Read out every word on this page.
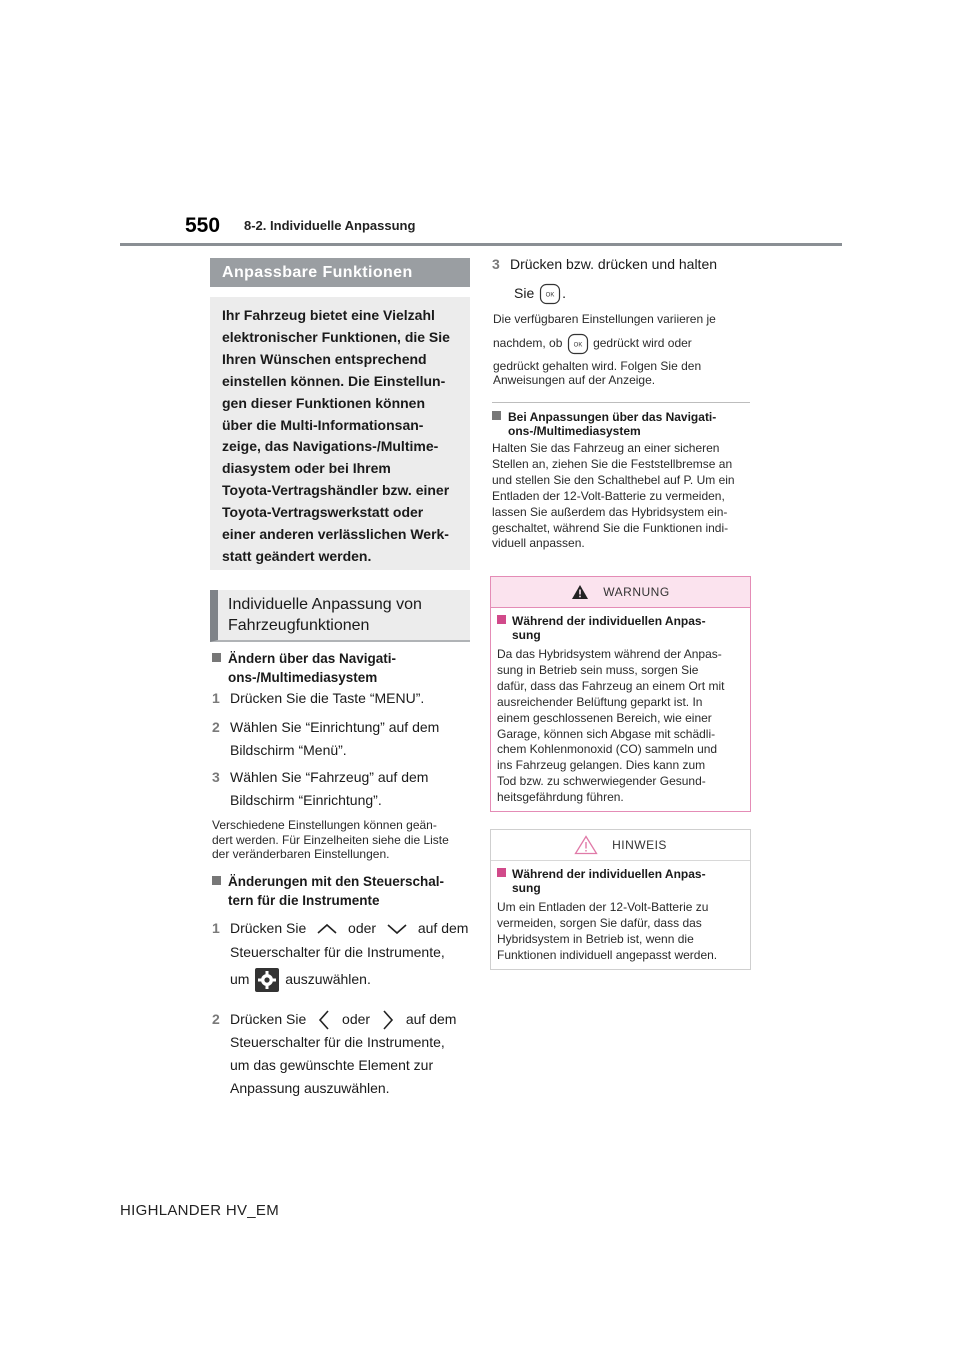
550 8-2. Individuelle Anpassung
Anpassbare Funktionen

Ihr Fahrzeug bietet eine Vielzahl

elektronischer Funktionen, die Sie

Ihren Wünschen entsprechend

einstellen können. Die Einstellun-

gen dieser Funktionen können

über die Multi-Informationsan-

zeige, das Navigations-/Multime-

diasystem oder bei Ihrem

Toyota-Vertragshändler bzw. einer

Toyota-Vertragswerkstatt oder

einer anderen verlässlichen Werk-

statt geändert werden.

Individuelle Anpassung von
Fahrzeugfunktionen
Ändern über das Navigati-
ons-/Multimediasystem
1 Drücken Sie die Taste “MENU”.
2 Wählen Sie “Einrichtung” auf dem
Bildschirm “Menü”.
3 Wählen Sie “Fahrzeug” auf dem
Bildschirm “Einrichtung”.
Verschiedene Einstellungen können geän-
dert werden. Für Einzelheiten siehe die Liste
der veränderbaren Einstellungen.
Änderungen mit den Steuerschal-
tern für die Instrumente
1 Drücken Sie	oder	auf dem
Steuerschalter für die Instrumente,
um	auszuwählen.
2 Drücken Sie	oder	auf dem
Steuerschalter für die Instrumente,
um das gewünschte Element zur
Anpassung auszuwählen.
3 Drücken bzw. drücken und halten
Sie OK .
Die verfügbaren Einstellungen variieren je
nachdem, ob OK gedrückt wird oder
gedrückt gehalten wird. Folgen Sie den
Anweisungen auf der Anzeige.
Bei Anpassungen über das Navigati-
ons-/Multimediasystem
Halten Sie das Fahrzeug an einer sicheren
Stellen an, ziehen Sie die Feststellbremse an
und stellen Sie den Schalthebel auf P. Um ein
Entladen der 12-Volt-Batterie zu vermeiden,
lassen Sie außerdem das Hybridsystem ein-
geschaltet, während Sie die Funktionen indi-
viduell anpassen.
WARNUNG
Während der individuellen Anpas-
sung
Da das Hybridsystem während der Anpas-
sung in Betrieb sein muss, sorgen Sie
dafür, dass das Fahrzeug an einem Ort mit
ausreichender Belüftung geparkt ist. In
einem geschlossenen Bereich, wie einer
Garage, können sich Abgase mit schädli-
chem Kohlenmonoxid (CO) sammeln und
ins Fahrzeug gelangen. Dies kann zum
Tod bzw. zu schwerwiegender Gesund-
heitsgefährdung führen.
HINWEIS
Während der individuellen Anpas-
sung
Um ein Entladen der 12-Volt-Batterie zu
vermeiden, sorgen Sie dafür, dass das
Hybridsystem in Betrieb ist, wenn die
Funktionen individuell angepasst werden.
HIGHLANDER HV_EM
